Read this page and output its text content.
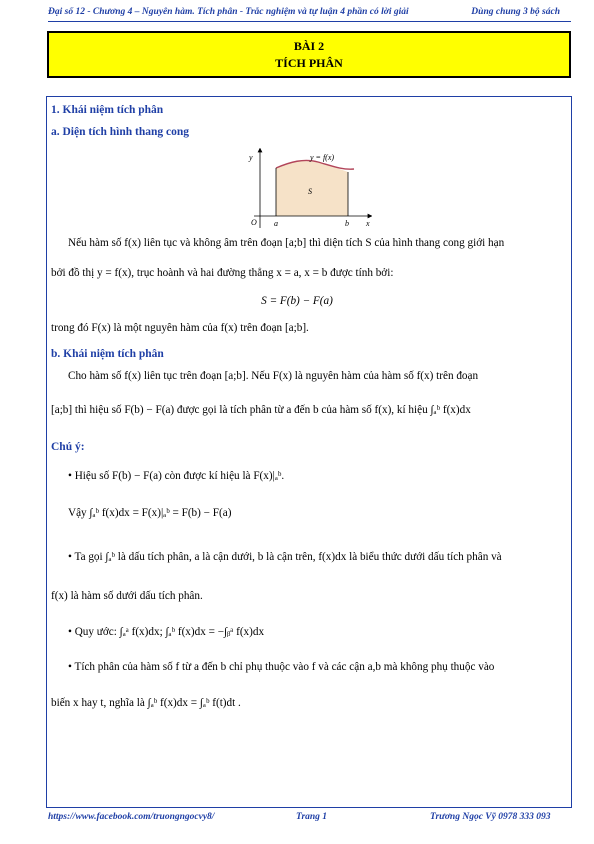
Đại số 12 - Chương 4 – Nguyên hàm. Tích phân - Trắc nghiệm và tự luận 4 phần có lời giải	Dùng chung 3 bộ sách
BÀI 2
TÍCH PHÂN
1. Khái niệm tích phân
a. Diện tích hình thang cong
y
x
O a	b
y = f(x)
S
Nếu hàm số f(x) liên tục và không âm trên đoạn [a;b] thì diện tích S của hình thang cong giới hạn
bởi đồ thị y = f(x), trục hoành và hai đường thẳng x = a, x = b được tính bởi:
S = F(b) − F(a)
trong đó F(x) là một nguyên hàm của f(x) trên đoạn [a;b].
b. Khái niệm tích phân
Cho hàm số f(x) liên tục trên đoạn [a;b]. Nếu F(x) là nguyên hàm của hàm số f(x) trên đoạn
[a;b] thì hiệu số F(b) − F(a) được gọi là tích phân từ a đến b của hàm số f(x), kí hiệu ∫ₐᵇ f(x)dx
Chú ý:
• Hiệu số F(b) − F(a) còn được kí hiệu là F(x)|ₐᵇ.
Vậy ∫ₐᵇ f(x)dx = F(x)|ₐᵇ = F(b) − F(a)
• Ta gọi ∫ₐᵇ là dấu tích phân, a là cận dưới, b là cận trên, f(x)dx là biểu thức dưới dấu tích phân và
f(x) là hàm số dưới dấu tích phân.
• Quy ước: ∫ₐᵃ f(x)dx; ∫ₐᵇ f(x)dx = −∫ᵦᵃ f(x)dx
• Tích phân của hàm số f từ a đến b chỉ phụ thuộc vào f và các cận a,b mà không phụ thuộc vào
biến x hay t, nghĩa là ∫ₐᵇ f(x)dx = ∫ₐᵇ f(t)dt .
https://www.facebook.com/truongngocvy8/	Trang 1	Trương Ngọc Vỹ 0978 333 093
